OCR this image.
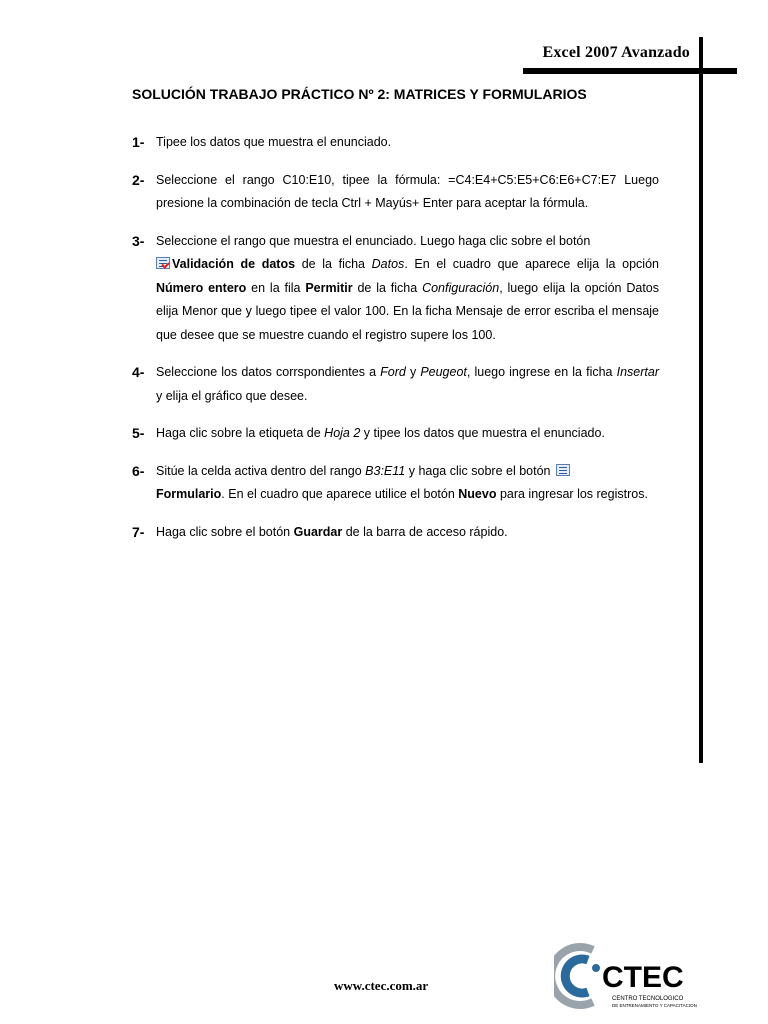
Excel 2007 Avanzado
SOLUCIÓN TRABAJO PRÁCTICO Nº 2: MATRICES Y FORMULARIOS
1- Tipee los datos que muestra el enunciado.
2- Seleccione el rango C10:E10, tipee la fórmula: =C4:E4+C5:E5+C6:E6+C7:E7 Luego presione la combinación de tecla Ctrl + Mayús+ Enter para aceptar la fórmula.
3- Seleccione el rango que muestra el enunciado. Luego haga clic sobre el botón
Validación de datos de la ficha Datos. En el cuadro que aparece elija la opción Número entero en la fila Permitir de la ficha Configuración, luego elija la opción Datos elija Menor que y luego tipee el valor 100. En la ficha Mensaje de error escriba el mensaje que desee que se muestre cuando el registro supere los 100.
4- Seleccione los datos corrspondientes a Ford y Peugeot, luego ingrese en la ficha Insertar y elija el gráfico que desee.
5- Haga clic sobre la etiqueta de Hoja 2 y tipee los datos que muestra el enunciado.
6- Sitúe la celda activa dentro del rango B3:E11 y haga clic sobre el botón
Formulario. En el cuadro que aparece utilice el botón Nuevo para ingresar los registros.
7- Haga clic sobre el botón Guardar de la barra de acceso rápido.
www.ctec.com.ar	CTEC
CENTRO TECNOLOGICO
DE ENTRENAMIENTO Y CAPACITACION
